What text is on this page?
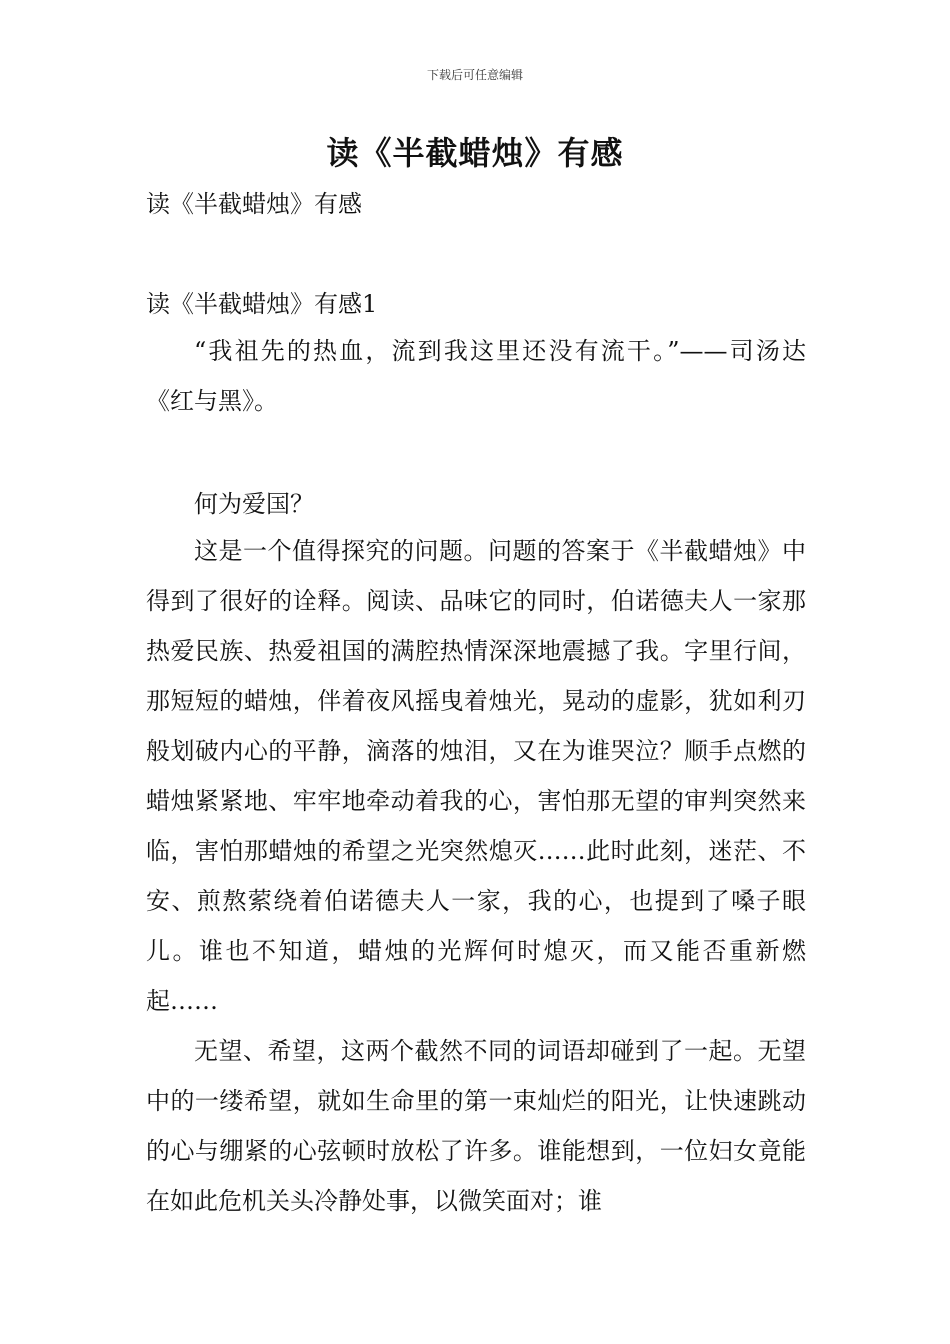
下载后可任意编辑
读《半截蜡烛》有感
读《半截蜡烛》有感
读《半截蜡烛》有感1

“我祖先的热血，流到我这里还没有流干。”——司汤达《红与黑》。

何为爱国？

这是一个值得探究的问题。问题的答案于《半截蜡烛》中得到了很好的诠释。阅读、品味它的同时，伯诺德夫人一家那热爱民族、热爱祖国的满腔热情深深地震撼了我。字里行间，那短短的蜡烛，伴着夜风摇曳着烛光，晃动的虚影，犹如利刃般划破内心的平静，滴落的烛泪，又在为谁哭泣？顺手点燃的蜡烛紧紧地、牢牢地牵动着我的心，害怕那无望的审判突然来临，害怕那蜡烛的希望之光突然熄灭……此时此刻，迷茫、不安、煎熬萦绕着伯诺德夫人一家，我的心，也提到了嗓子眼儿。谁也不知道，蜡烛的光辉何时熄灭，而又能否重新燃起……

无望、希望，这两个截然不同的词语却碰到了一起。无望中的一缕希望，就如生命里的第一束灿烂的阳光，让快速跳动的心与绷紧的心弦顿时放松了许多。谁能想到，一位妇女竟能在如此危机关头冷静处事，以微笑面对；谁
